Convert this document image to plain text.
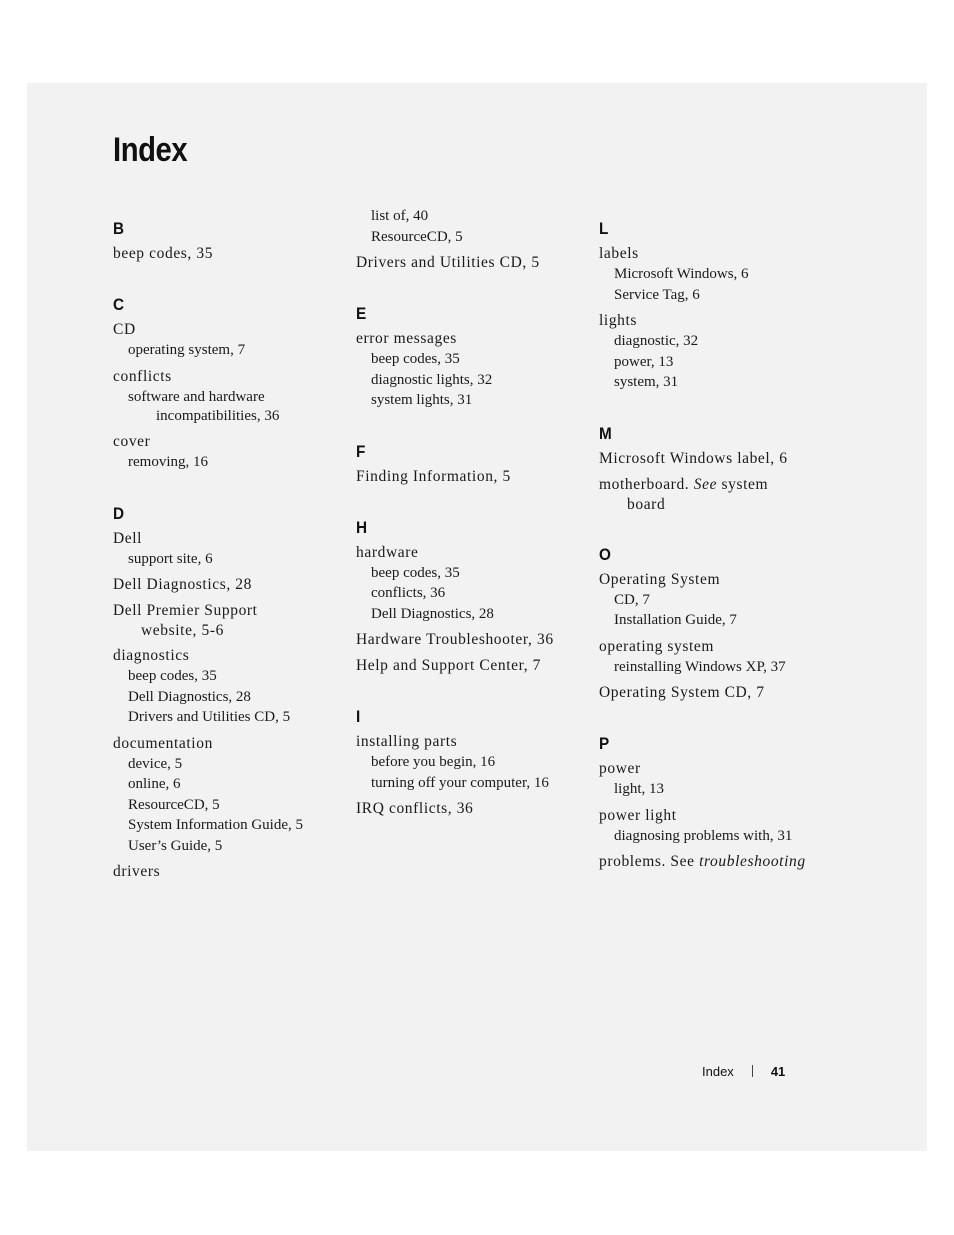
Index
B
beep codes, 35
C
CD
operating system, 7
conflicts
software and hardware
incompatibilities, 36
cover
removing, 16
D
Dell
support site, 6
Dell Diagnostics, 28
Dell Premier Support
website, 5-6
diagnostics
beep codes, 35
Dell Diagnostics, 28
Drivers and Utilities CD, 5
documentation
device, 5
online, 6
ResourceCD, 5
System Information Guide, 5
User’s Guide, 5
drivers
list of, 40
ResourceCD, 5
Drivers and Utilities CD, 5
E
error messages
beep codes, 35
diagnostic lights, 32
system lights, 31
F
Finding Information, 5
H
hardware
beep codes, 35
conflicts, 36
Dell Diagnostics, 28
Hardware Troubleshooter, 36
Help and Support Center, 7
I
installing parts
before you begin, 16
turning off your computer, 16
IRQ conflicts, 36
L
labels
Microsoft Windows, 6
Service Tag, 6
lights
diagnostic, 32
power, 13
system, 31
M
Microsoft Windows label, 6
motherboard. See system
board
O
Operating System
CD, 7
Installation Guide, 7
operating system
reinstalling Windows XP, 37
Operating System CD, 7
P
power
light, 13
power light
diagnosing problems with, 31
problems. See troubleshooting
Index	41
